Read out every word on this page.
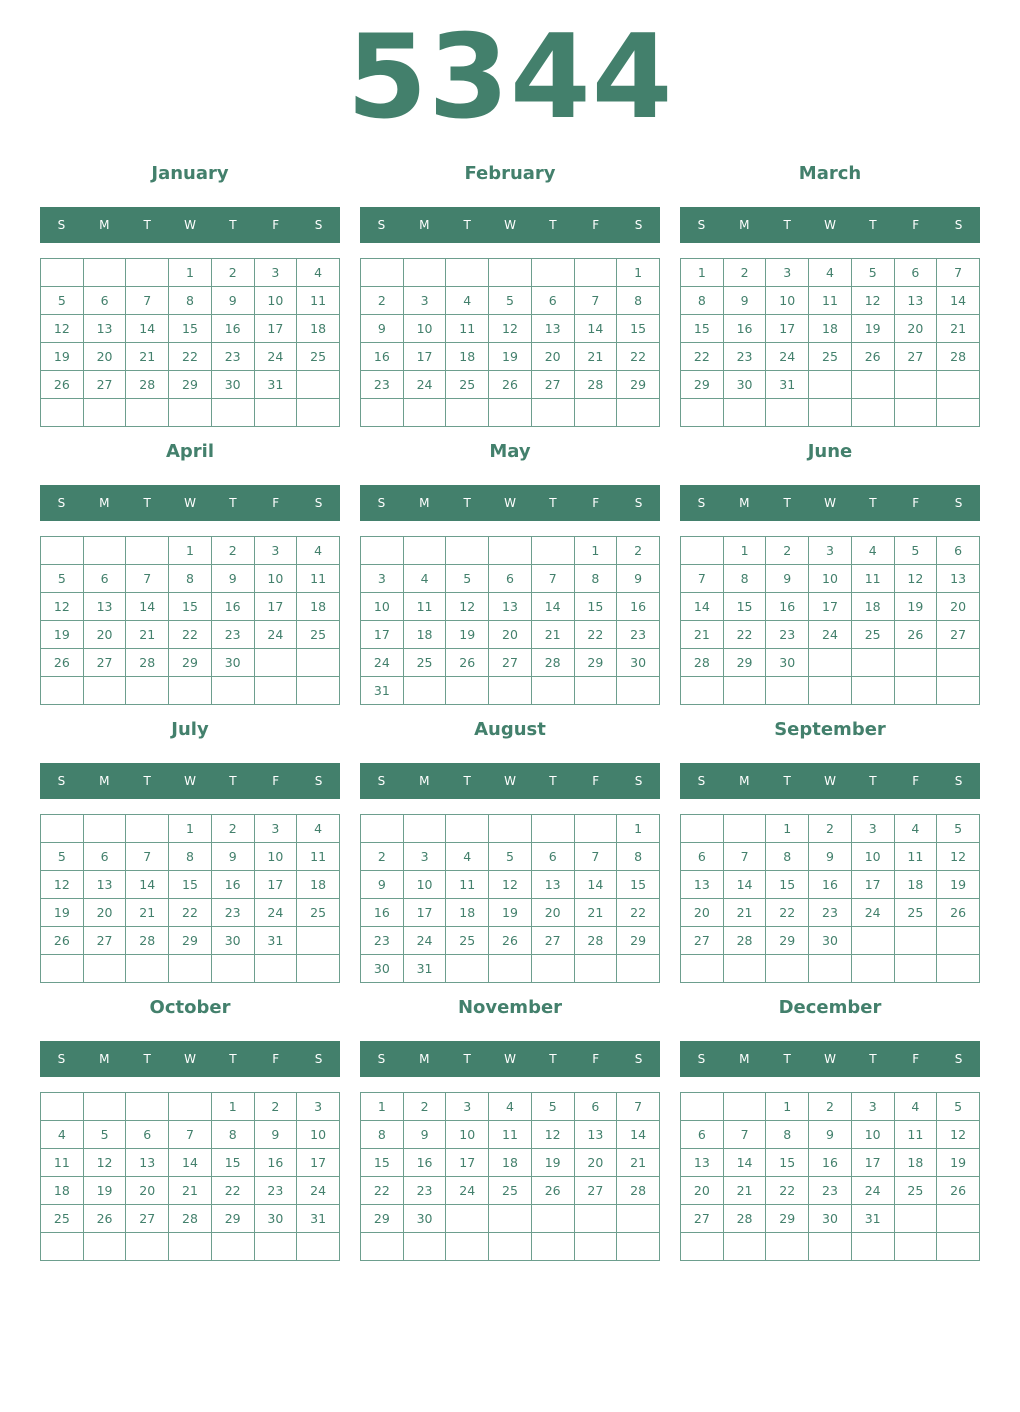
5344
January
S	M	T	W	T	F	S
			1	2	3	4
5	6	7	8	9	10	11
12	13	14	15	16	17	18
19	20	21	22	23	24	25
26	27	28	29	30	31	

February
S	M	T	W	T	F	S
						1
2	3	4	5	6	7	8
9	10	11	12	13	14	15
16	17	18	19	20	21	22
23	24	25	26	27	28	29

March
S	M	T	W	T	F	S
1	2	3	4	5	6	7
8	9	10	11	12	13	14
15	16	17	18	19	20	21
22	23	24	25	26	27	28
29	30	31				

April
S	M	T	W	T	F	S
			1	2	3	4
5	6	7	8	9	10	11
12	13	14	15	16	17	18
19	20	21	22	23	24	25
26	27	28	29	30		

May
S	M	T	W	T	F	S
					1	2
3	4	5	6	7	8	9
10	11	12	13	14	15	16
17	18	19	20	21	22	23
24	25	26	27	28	29	30
31						
June
S	M	T	W	T	F	S
	1	2	3	4	5	6
7	8	9	10	11	12	13
14	15	16	17	18	19	20
21	22	23	24	25	26	27
28	29	30				

July
S	M	T	W	T	F	S
			1	2	3	4
5	6	7	8	9	10	11
12	13	14	15	16	17	18
19	20	21	22	23	24	25
26	27	28	29	30	31	

August
S	M	T	W	T	F	S
						1
2	3	4	5	6	7	8
9	10	11	12	13	14	15
16	17	18	19	20	21	22
23	24	25	26	27	28	29
30	31					
September
S	M	T	W	T	F	S
		1	2	3	4	5
6	7	8	9	10	11	12
13	14	15	16	17	18	19
20	21	22	23	24	25	26
27	28	29	30			

October
S	M	T	W	T	F	S
				1	2	3
4	5	6	7	8	9	10
11	12	13	14	15	16	17
18	19	20	21	22	23	24
25	26	27	28	29	30	31

November
S	M	T	W	T	F	S
1	2	3	4	5	6	7
8	9	10	11	12	13	14
15	16	17	18	19	20	21
22	23	24	25	26	27	28
29	30					

December
S	M	T	W	T	F	S
		1	2	3	4	5
6	7	8	9	10	11	12
13	14	15	16	17	18	19
20	21	22	23	24	25	26
27	28	29	30	31		
